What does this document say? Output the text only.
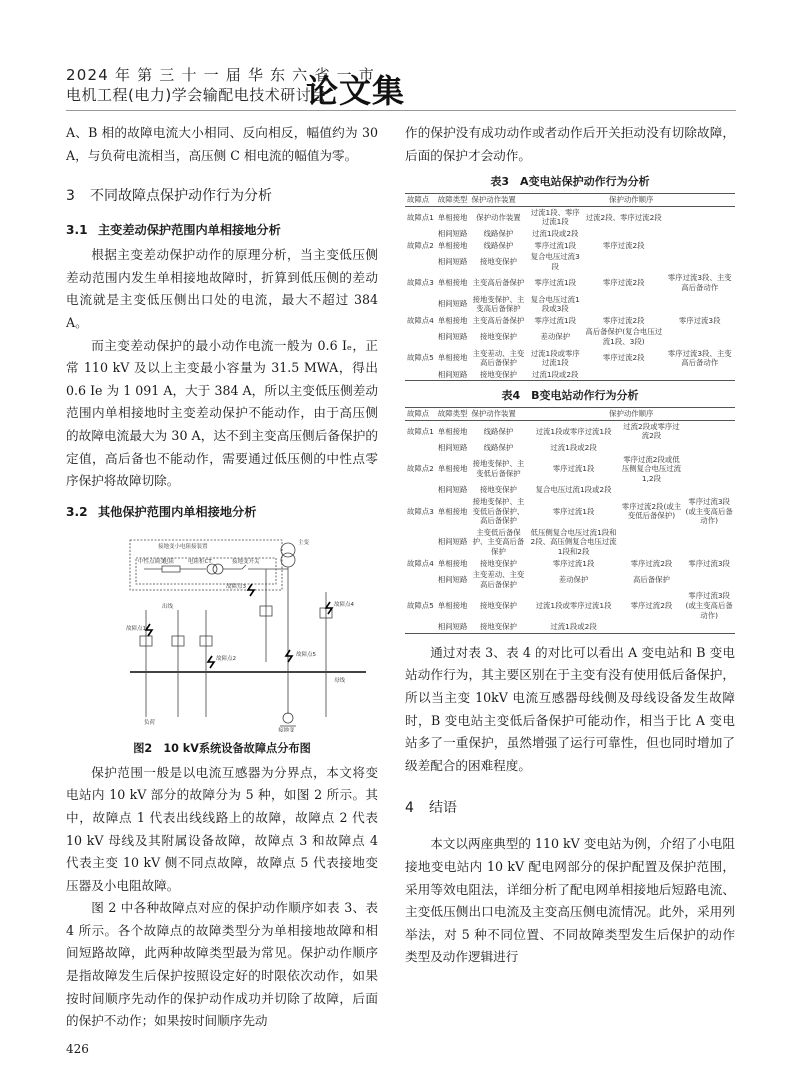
2024 年 第 三 十 一 届 华 东 六 省 一 市
电机工程(电力)学会输配电技术研讨会
论文集

A、B 相的故障电流大小相同、反向相反，幅值约为 30 A，与负荷电流相当，高压侧 C 相电流的幅值为零。

3 不同故障点保护动作行为分析
3.1 主变差动保护范围内单相接地分析

根据主变差动保护动作的原理分析，当主变低压侧差动范围内发生单相接地故障时，折算到低压侧的差动电流就是主变低压侧出口处的电流，最大不超过 384 A。

而主变差动保护的最小动作电流一般为 0.6 Iₑ，正常 110 kV 及以上主变最小容量为 31.5 MWA，得出 0.6 Ie 为 1 091 A，大于 384 A，所以主变低压侧差动范围内单相接地时主变差动保护不能动作，由于高压侧的故障电流最大为 30 A，达不到主变高压侧后备保护的定值，高后备也不能动作，需要通过低压侧的中性点零序保护将故障切除。

3.2 其他保护范围内单相接地分析
接地变小电阻接装置
中性点调变
电阻	电阻柜CT	接地变开关
故障点3
故障点4
故障点2
故障点1
故障点5
出线
负荷
主变
母线
接地变
图2　10 kV系统设备故障点分布图

保护范围一般是以电流互感器为分界点，本文将变电站内 10 kV 部分的故障分为 5 种，如图 2 所示。其中，故障点 1 代表出线线路上的故障，故障点 2 代表 10 kV 母线及其附属设备故障，故障点 3 和故障点 4 代表主变 10 kV 侧不同点故障，故障点 5 代表接地变压器及小电阻故障。

图 2 中各种故障点对应的保护动作顺序如表 3、表 4 所示。各个故障点的故障类型分为单相接地故障和相间短路故障，此两种故障类型最为常见。保护动作顺序是指故障发生后保护按照设定好的时限依次动作，如果按时间顺序先动作的保护动作成功并切除了故障，后面的保护不动作；如果按时间顺序先动

作的保护没有成功动作或者动作后开关拒动没有切除故障，后面的保护才会动作。

表3　A变电站保护动作行为分析
故障点	故障类型	保护动作装置	保护动作顺序		
故障点1	单相接地	保护动作装置	过流1段、零序过流1段	过流2段、零序过流2段	
	相间短路	线路保护	过流1段或2段		
故障点2	单相接地	线路保护	零序过流1段	零序过流2段	
	相间短路	接地变保护	复合电压过流3段		
故障点3	单相接地	主变高后备保护	零序过流1段	零序过流2段	零序过流3段、主变高后备动作
	相间短路	接地变保护、主变高后备保护	复合电压过流1段或3段		
故障点4	单相接地	主变高后备保护	零序过流1段	零序过流2段	零序过流3段
	相间短路	接地变保护	差动保护	高后备保护(复合电压过流1段、3段)	
故障点5	单相接地	主变差动、主变高后备保护	过流1段或零序过流1段	零序过流2段	零序过流3段、主变高后备动作
	相间短路	接地变保护	过流1段或2段		
表4　B变电站动作行为分析
故障点	故障类型	保护动作装置	保护动作顺序		
故障点1	单相接地	线路保护	过流1段或零序过流1段	过流2段或零序过流2段	
	相间短路	线路保护	过流1段或2段		
故障点2	单相接地	接地变保护、主变低后备保护	零序过流1段	零序过流2段或低压侧复合电压过流1,2段	
	相间短路	接地变保护	复合电压过流1段或2段		
故障点3	单相接地	接地变保护、主变低后备保护、高后备保护	零序过流1段	零序过流2段(或主变低后备保护)	零序过流3段(或主变高后备动作)
	相间短路	主变低后备保护、主变高后备保护	低压侧复合电压过流1段和2段、高压侧复合电压过流1段和2段		
故障点4	单相接地	接地变保护	零序过流1段	零序过流2段	零序过流3段
	相间短路	主变差动、主变高后备保护	差动保护	高后备保护	
故障点5	单相接地	接地变保护	过流1段或零序过流1段	零序过流2段	零序过流3段(或主变高后备动作)
	相间短路	接地变保护	过流1段或2段		

通过对表 3、表 4 的对比可以看出 A 变电站和 B 变电站动作行为，其主要区别在于主变有没有使用低后备保护，所以当主变 10kV 电流互感器母线侧及母线设备发生故障时，B 变电站主变低后备保护可能动作，相当于比 A 变电站多了一重保护，虽然增强了运行可靠性，但也同时增加了级差配合的困难程度。

4 结语

本文以两座典型的 110 kV 变电站为例，介绍了小电阻接地变电站内 10 kV 配电网部分的保护配置及保护范围，采用等效电阻法，详细分析了配电网单相接地后短路电流、主变低压侧出口电流及主变高压侧电流情况。此外，采用列举法，对 5 种不同位置、不同故障类型发生后保护的动作类型及动作逻辑进行

426
